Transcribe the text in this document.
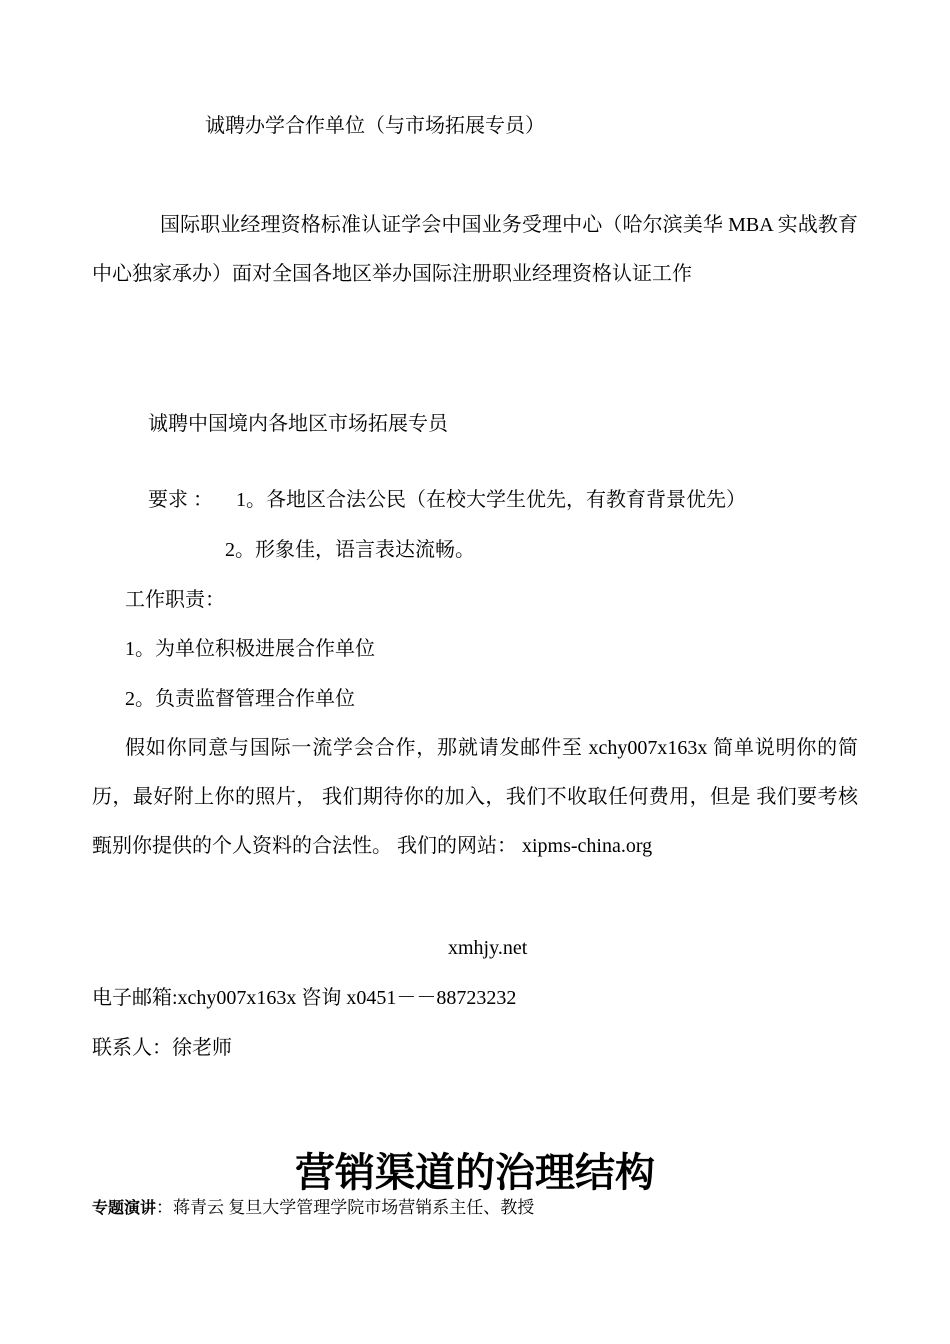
诚聘办学合作单位（与市场拓展专员）
国际职业经理资格标准认证学会中国业务受理中心（哈尔滨美华 MBA 实战教育中心独家承办）面对全国各地区举办国际注册职业经理资格认证工作
诚聘中国境内各地区市场拓展专员
要求 ： 1。各地区合法公民（在校大学生优先，有教育背景优先）
2。形象佳，语言表达流畅。
工作职责：
1。为单位积极进展合作单位
2。负责监督管理合作单位
假如你同意与国际一流学会合作，那就请发邮件至 xchy007x163x 简单说明你的简历，最好附上你的照片， 我们期待你的加入，我们不收取任何费用，但是 我们要考核甄别你提供的个人资料的合法性。 我们的网站： xipms-china.org
xmhjy.net
电子邮箱:xchy007x163x 咨询 x0451－－88723232
联系人：徐老师
营销渠道的治理结构
专题演讲：蒋青云 复旦大学管理学院市场营销系主任、教授
